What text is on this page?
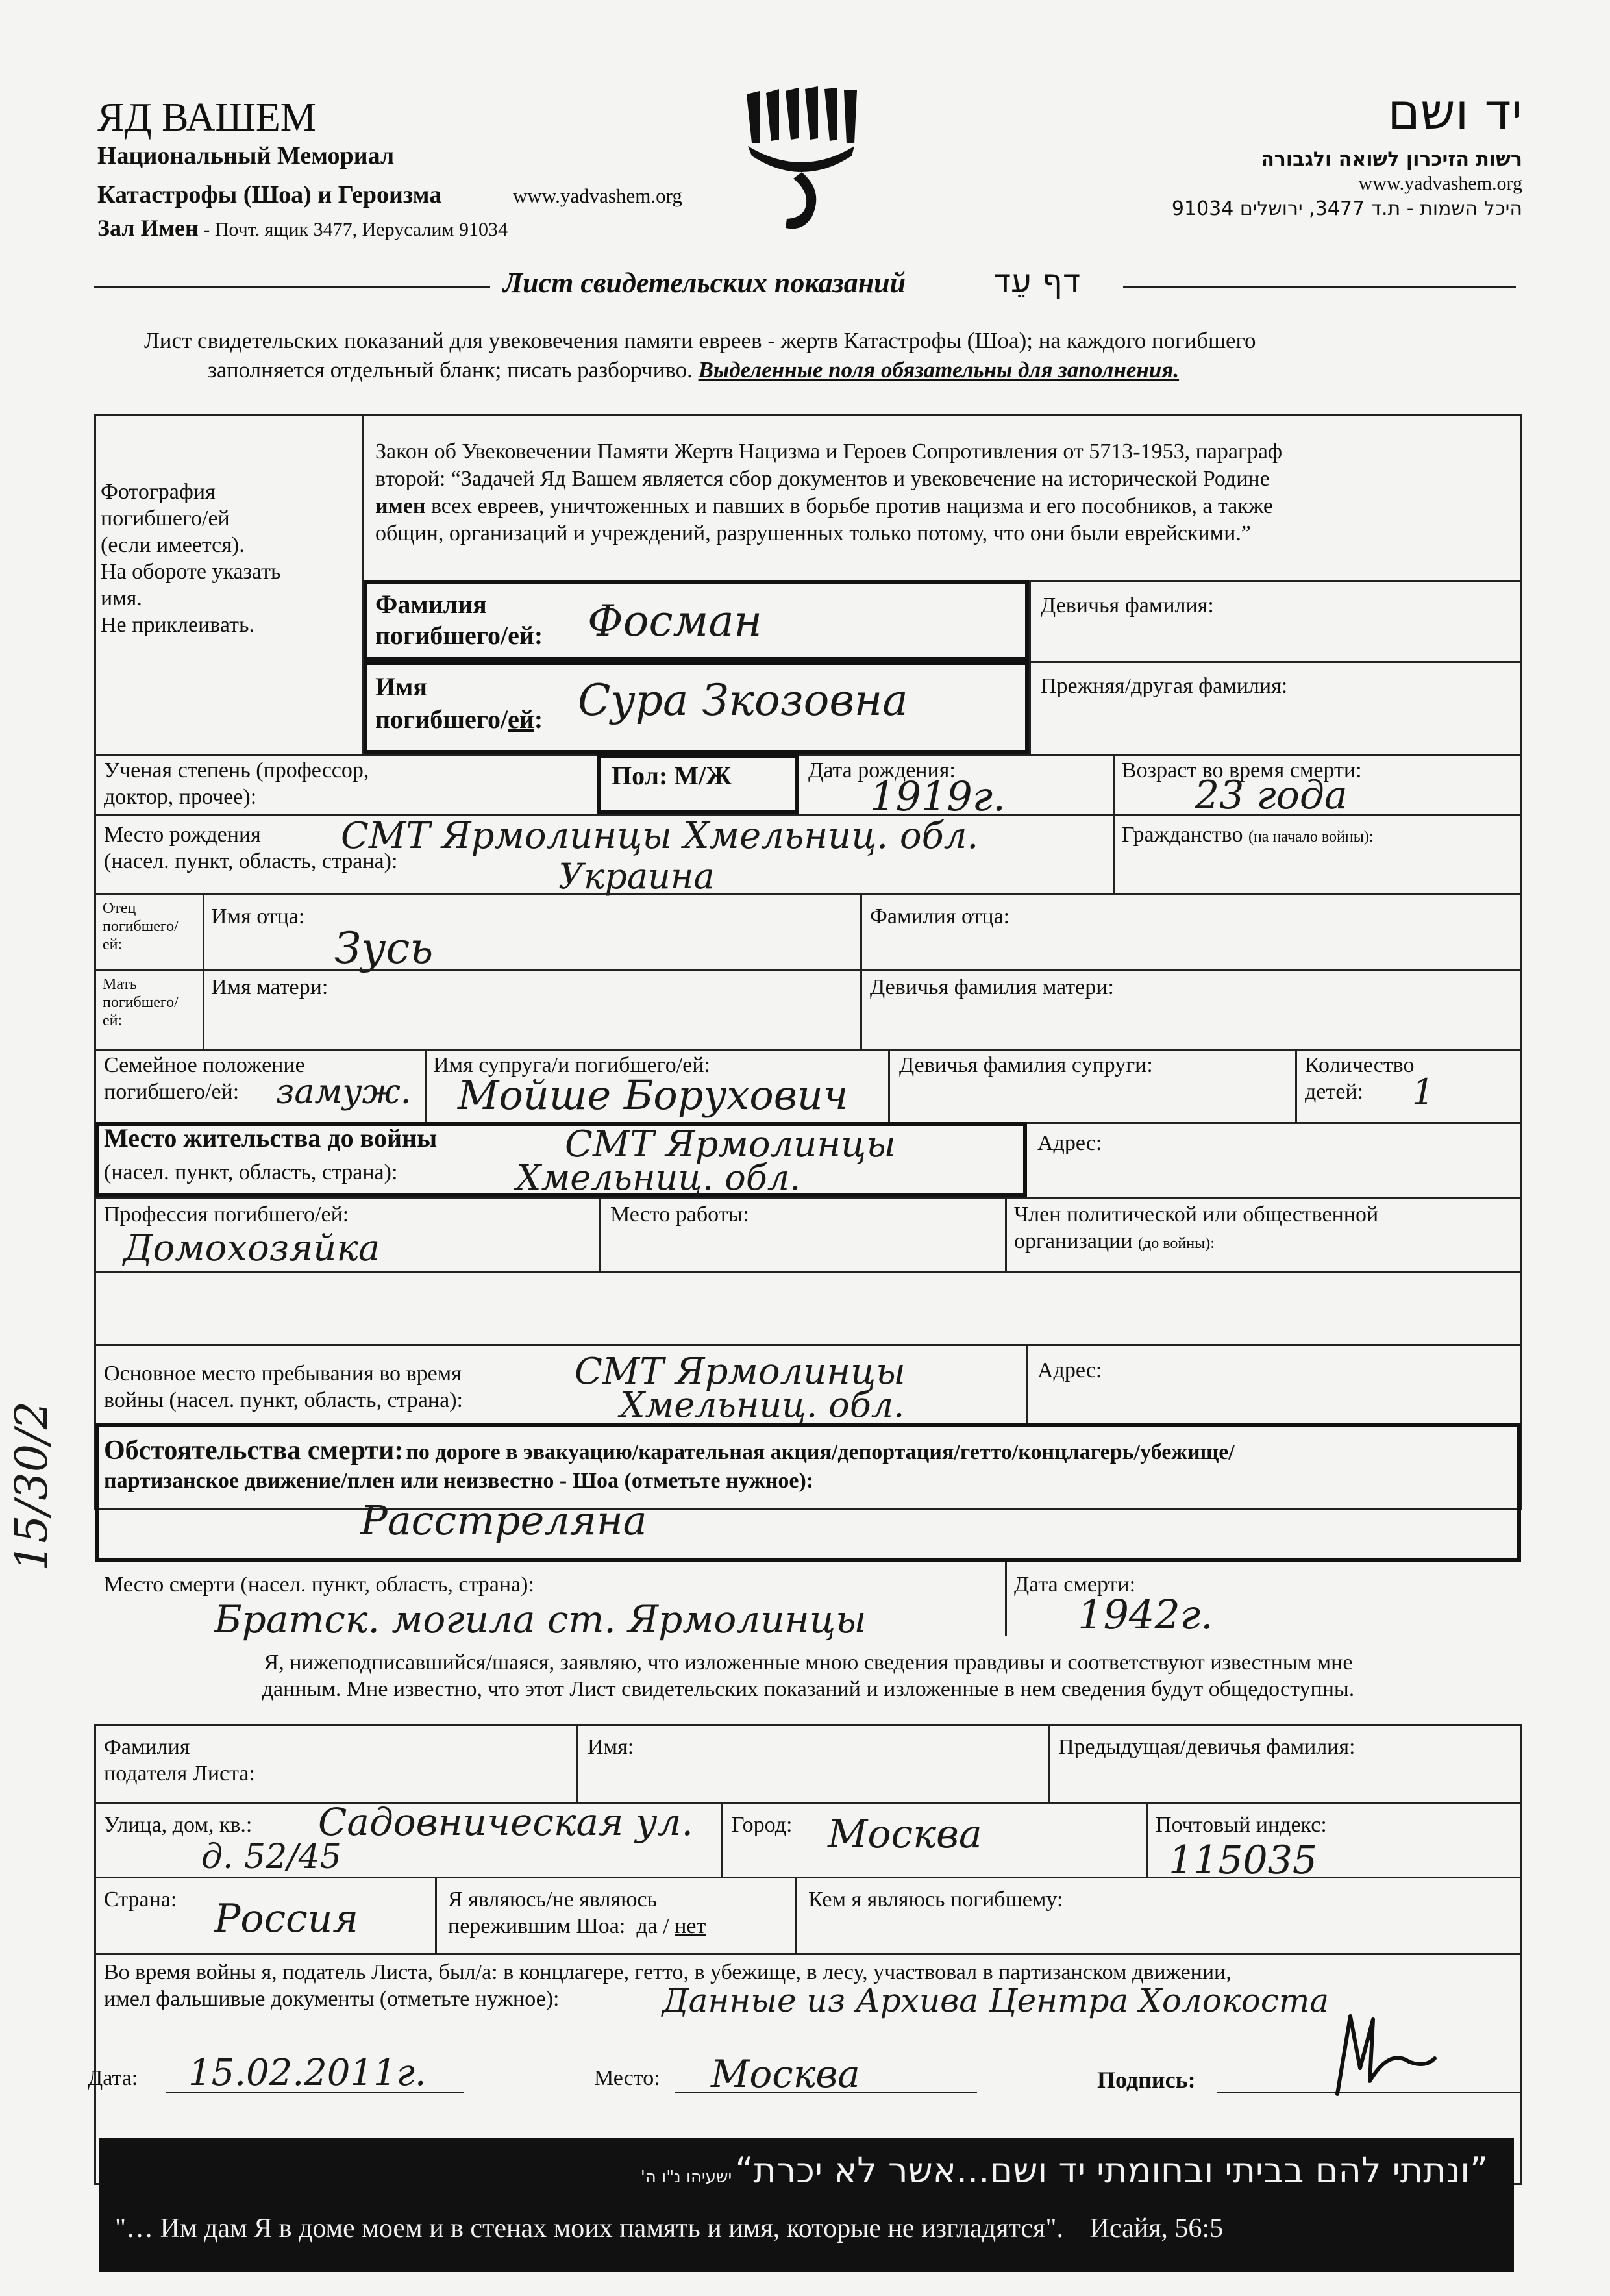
ЯД ВАШЕМ
Национальный Мемориал
Катастрофы (Шоа) и Героизма	www.yadvashem.org
Зал Имен - Почт. ящик 3477, Иерусалим 91034
יד ושם
רשות הזיכרון לשואה ולגבורה
www.yadvashem.org
היכל השמות - ת.ד 3477, ירושלים 91034
Лист свидетельских показаний	דף עֵד
Лист свидетельских показаний для увековечения памяти евреев - жертв Катастрофы (Шоа); на каждого погибшего
заполняется отдельный бланк; писать разборчиво. Выделенные поля обязательны для заполнения.
Фотография
погибшего/ей
(если имеется).
На обороте указать
имя.
Не приклеивать.
Закон об Увековечении Памяти Жертв Нацизма и Героев Сопротивления от 5713-1953, параграф
второй: “Задачей Яд Вашем является сбор документов и увековечение на исторической Родине
имен всех евреев, уничтоженных и павших в борьбе против нацизма и его пособников, а также
общин, организаций и учреждений, разрушенных только потому, что они были еврейскими.”
Фамилия
погибшего/ей: Фосман	Девичья фамилия:
Имя
погибшего/ей: Сура Зкозовна	Прежняя/другая фамилия:
Ученая степень (профессор,
доктор, прочее):
Пол: М/Ж	Дата рождения:
1919г.
Возраст во время смерти:
23 года
Место рождения
(насел. пункт, область, страна):
СМТ Ярмолинцы Хмельниц. обл.
Украина
Гражданство (на начало войны):
Отец
погибшего/
ей:
Имя отца:
Зусь
Фамилия отца:
Мать
погибшего/
ей:
Имя матери:	Девичья фамилия матери:
Семейное положение
погибшего/ей: замуж.
Имя супруга/и погибшего/ей:
Мойше Борухович
Девичья фамилия супруги:	Количество
детей: 1
Место жительства до войны
(насел. пункт, область, страна):
СМТ Ярмолинцы
Хмельниц. обл.
Адрес:
Профессия погибшего/ей:
Домохозяйка
Место работы:	Член политической или общественной
организации (до войны):
Основное место пребывания во время
войны (насел. пункт, область, страна):
СМТ Ярмолинцы
Хмельниц. обл.
Адрес:
Обстоятельства смерти: по дороге в эвакуацию/карательная акция/депортация/гетто/концлагерь/убежище/
партизанское движение/плен или неизвестно - Шоа (отметьте нужное):
Расстреляна
Место смерти (насел. пункт, область, страна):
Братск. могила ст. Ярмолинцы
Дата смерти:
1942г.
Я, нижеподписавшийся/шаяся, заявляю, что изложенные мною сведения правдивы и соответствуют известным мне
данным. Мне известно, что этот Лист свидетельских показаний и изложенные в нем сведения будут общедоступны.
Фамилия
подателя Листа:
Имя:	Предыдущая/девичья фамилия:
Улица, дом, кв.: Садовническая ул.
д. 52/45
Город: Москва	Почтовый индекс:
115035
Страна: Россия	Я являюсь/не являюсь
пережившим Шоа: да / нет
Кем я являюсь погибшему:
Во время войны я, податель Листа, был/а: в концлагере, гетто, в убежище, в лесу, участвовал в партизанском движении,
имел фальшивые документы (отметьте нужное):	Данные из Архива Центра Холокоста
Дата: 15.02.2011г.	Место: Москва	Подпись:
15/30/2
”ונתתי להם בביתי ובחומתי יד ושם...אשר לא יכרת“ ישעיהו נ"ו ה'
"… Им дам Я в доме моем и в стенах моих память и имя, которые не изгладятся". Исайя, 56:5
